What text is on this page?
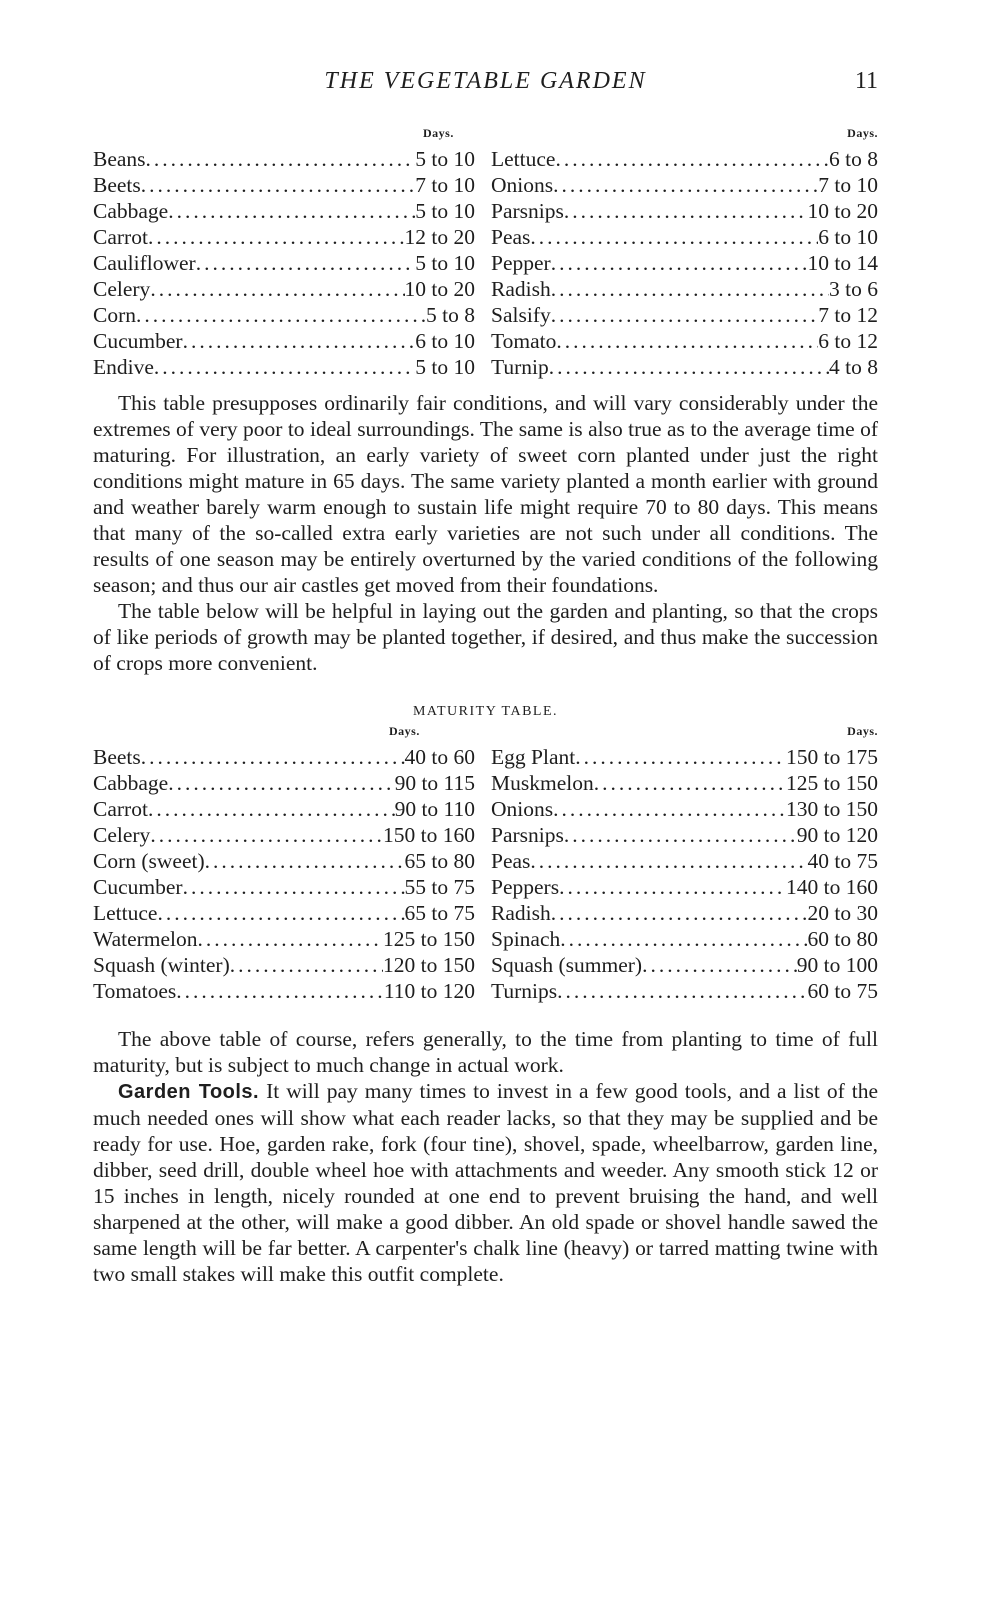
THE VEGETABLE GARDEN	11
Days.	Days.
Beans .....	5 to 10
Beets .....	7 to 10
Cabbage .....	5 to 10
Carrot .....	12 to 20
Cauliflower .....	5 to 10
Celery .....	10 to 20
Corn .....	5 to 8
Cucumber .....	6 to 10
Endive .....	5 to 10
Lettuce .....	6 to 8
Onions .....	7 to 10
Parsnips .....	10 to 20
Peas .....	6 to 10
Pepper .....	10 to 14
Radish .....	3 to 6
Salsify .....	7 to 12
Tomato .....	6 to 12
Turnip .....	4 to 8

This table presupposes ordinarily fair conditions, and will vary considerably under the extremes of very poor to ideal surroundings. The same is also true as to the average time of maturing. For illustration, an early variety of sweet corn planted under just the right conditions might mature in 65 days. The same variety planted a month earlier with ground and weather barely warm enough to sustain life might require 70 to 80 days. This means that many of the so-called extra early varieties are not such under all conditions. The results of one season may be entirely overturned by the varied conditions of the following season; and thus our air castles get moved from their foundations.

The table below will be helpful in laying out the garden and planting, so that the crops of like periods of growth may be planted together, if desired, and thus make the succession of crops more convenient.

MATURITY TABLE.
Days.	Days.
Beets .....	40 to 60
Cabbage .....	90 to 115
Carrot .....	90 to 110
Celery .....	150 to 160
Corn (sweet) .....	65 to 80
Cucumber .....	55 to 75
Lettuce .....	65 to 75
Watermelon .....	125 to 150
Squash (winter) .....	120 to 150
Tomatoes .....	110 to 120
Egg Plant .....	150 to 175
Muskmelon .....	125 to 150
Onions .....	130 to 150
Parsnips .....	90 to 120
Peas .....	40 to 75
Peppers .....	140 to 160
Radish .....	20 to 30
Spinach .....	60 to 80
Squash (summer) .....	90 to 100
Turnips .....	60 to 75

The above table of course, refers generally, to the time from planting to time of full maturity, but is subject to much change in actual work.

Garden Tools. It will pay many times to invest in a few good tools, and a list of the much needed ones will show what each reader lacks, so that they may be supplied and be ready for use. Hoe, garden rake, fork (four tine), shovel, spade, wheelbarrow, garden line, dibber, seed drill, double wheel hoe with attachments and weeder. Any smooth stick 12 or 15 inches in length, nicely rounded at one end to prevent bruising the hand, and well sharpened at the other, will make a good dibber. An old spade or shovel handle sawed the same length will be far better. A carpenter's chalk line (heavy) or tarred matting twine with two small stakes will make this outfit complete.
